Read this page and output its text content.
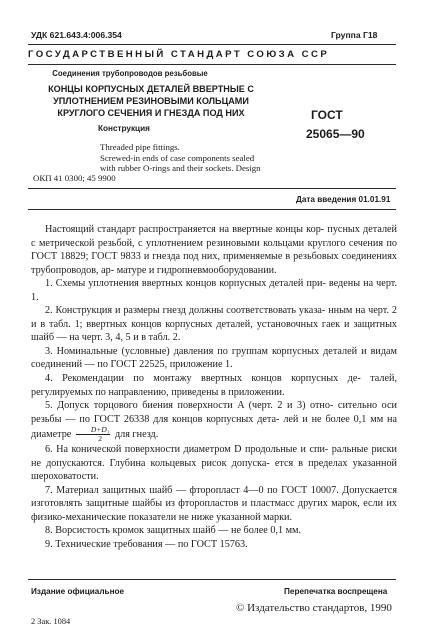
УДК 621.643.4:006.354	Группа Г18
ГОСУДАРСТВЕННЫЙ СТАНДАРТ СОЮЗА ССР
Соединения трубопроводов резьбовые
КОНЦЫ КОРПУСНЫХ ДЕТАЛЕЙ ВВЕРТНЫЕ С
УПЛОТНЕНИЕМ РЕЗИНОВЫМИ КОЛЬЦАМИ
КРУГЛОГО СЕЧЕНИЯ И ГНЕЗДА ПОД НИХ
Конструкция
Threaded pipe fittings.
Screwed-in ends of case components sealed
with rubber O-rings and their sockets. Design
ОКП 41 0300; 45 9900
ГОСТ
25065—90
Дата введения 01.01.91

Настоящий стандарт распространяется на ввертные концы кор- пусных деталей с метрической резьбой, с уплотнением резиновыми кольцами круглого сечения по ГОСТ 18829; ГОСТ 9833 и гнезда под них, применяемые в резьбовых соединениях трубопроводов, ар- матуре и гидропневмооборудовании.

1. Схемы уплотнения ввертных концов корпусных деталей при- ведены на черт. 1.

2. Конструкция и размеры гнезд должны соответствовать указа- нным на черт. 2 и в табл. 1; ввертных концов корпусных деталей, установочных гаек и защитных шайб — на черт. 3, 4, 5 и в табл. 2.

3. Номинальные (условные) давления по группам корпусных деталей и видам соединений — по ГОСТ 22525, приложение 1.

4. Рекомендации по монтажу ввертных концов корпусных де- талей, регулируемых по направлению, приведены в приложении.

5. Допуск торцового биения поверхности A (черт. 2 и 3) отно- сительно оси резьбы — по ГОСТ 26338 для концов корпусных дета- лей и не более 0,1 мм на диаметре $\frac{\text{D+D₁}}{2}$ для гнезд.

6. На конической поверхности диаметром D продольные и спи- ральные риски не допускаются. Глубина кольцевых рисок допуска- ется в пределах указанной шероховатости.

7. Материал защитных шайб — фторопласт 4—0 по ГОСТ 10007. Допускается изготовлять защитные шайбы из фторопластов и пластмасс других марок, если их физико-механические показатели не ниже указанной марки.

8. Ворсистость кромок защитных шайб — не более 0,1 мм.

9. Технические требования — по ГОСТ 15763.

Издание официальное	Перепечатка воспрещена
© Издательство стандартов, 1990
2 Зак. 1084
